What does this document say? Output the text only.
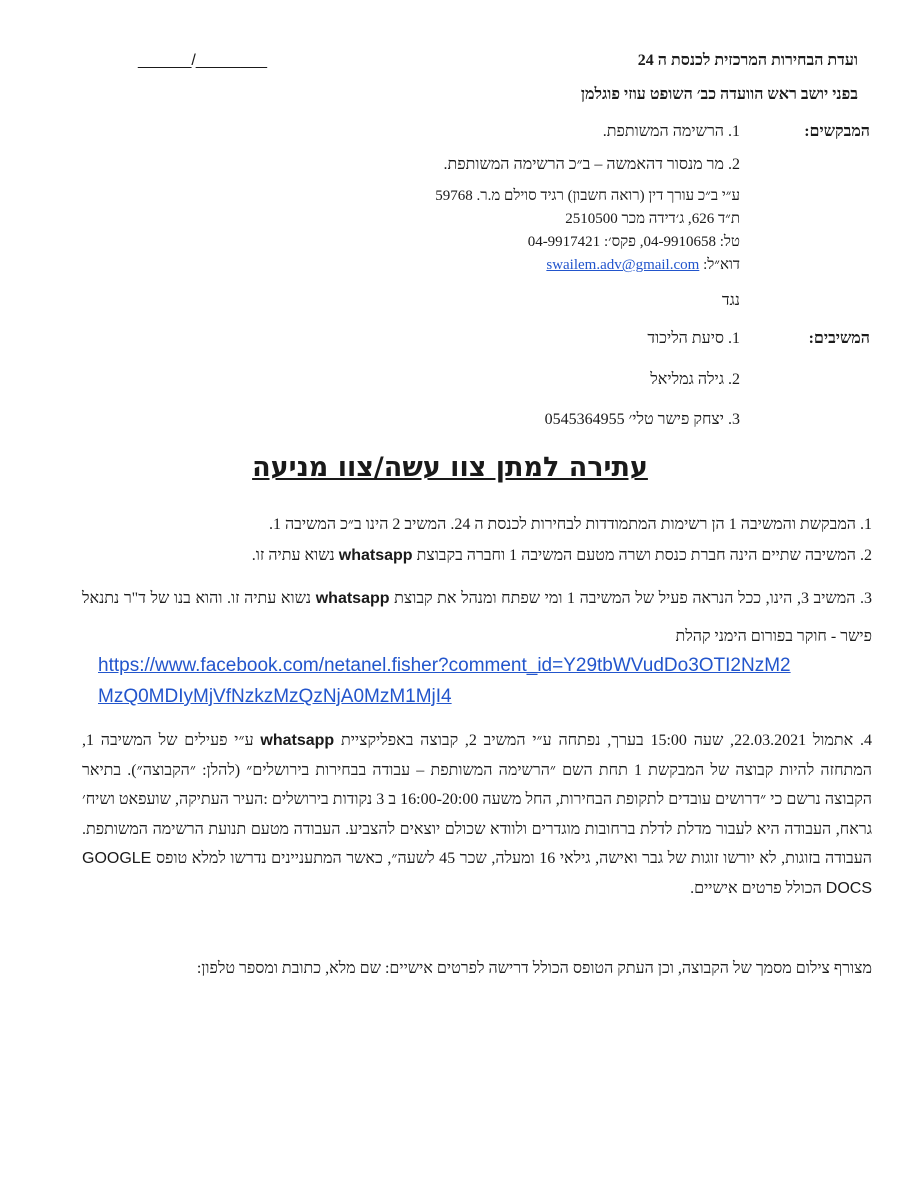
ועדת הבחירות המרכזית לכנסת ה 24
______/________
בפני יושב ראש הוועדה כב׳ השופט עוזי פוגלמן
המבקשים:
1. הרשימה המשותפת.
2. מר מנסור דהאמשה – ב״כ הרשימה המשותפת.
ע״י ב״כ עורך דין (רואה חשבון) רגיד סוילם מ.ר. 59768
ת״ד 626, ג׳דידה מכר 2510500
טל: 04-9910658, פקס׳: 04-9917421
דוא״ל: swailem.adv@gmail.com
נגד
המשיבים:
1. סיעת הליכוד
2. גילה גמליאל
3. יצחק פישר טלי׳ 0545364955
עתירה למתן צוו עשה/צוו מניעה
1. המבקשת והמשיבה 1 הן רשימות המתמודדות לבחירות לכנסת ה 24. המשיב 2 הינו ב״כ המשיבה 1.
2. המשיבה שתיים הינה חברת כנסת ושרה מטעם המשיבה 1 וחברה בקבוצת whatsapp נשוא עתיה זו.
3. המשיב 3, הינו, ככל הנראה פעיל של המשיבה 1 ומי שפתח ומנהל את קבוצת whatsapp נשוא עתיה זו. והוא בנו של ד"ר נתנאל פישר - חוקר בפורום הימני קהלת
https://www.facebook.com/netanel.fisher?comment_id=Y29tbWVudDo3OTI2NzM2
MzQ0MDIyMjVfNzkzMzQzNjA0MzM1MjI4
4. אתמול 22.03.2021, שעה 15:00 בערך, נפתחה ע״י המשיב 2, קבוצה באפליקציית whatsapp ע״י פעילים של המשיבה 1, המתחזה להיות קבוצה של המבקשת 1 תחת השם ״הרשימה המשותפת – עבודה בבחירות בירושלים״ (להלן: ״הקבוצה״). בתיאר הקבוצה נרשם כי ״דרושים עובדים לתקופת הבחירות, החל משעה 16:00-20:00 ב 3 נקודות בירושלים :העיר העתיקה, שועפאט ושיח׳ גראח, העבודה היא לעבור מדלת לדלת ברחובות מוגדרים ולוודא שכולם יוצאים להצביע. העבודה מטעם תנועת הרשימה המשותפת. העבודה בזוגות, לא יורשו זוגות של גבר ואישה, גילאי 16 ומעלה, שכר 45 לשעה״, כאשר המתעניינים נדרשו למלא טופס GOOGLE DOCS הכולל פרטים אישיים.
מצורף צילום מסמך של הקבוצה, וכן העתק הטופס הכולל דרישה לפרטים אישיים: שם מלא, כתובת ומספר טלפון:
